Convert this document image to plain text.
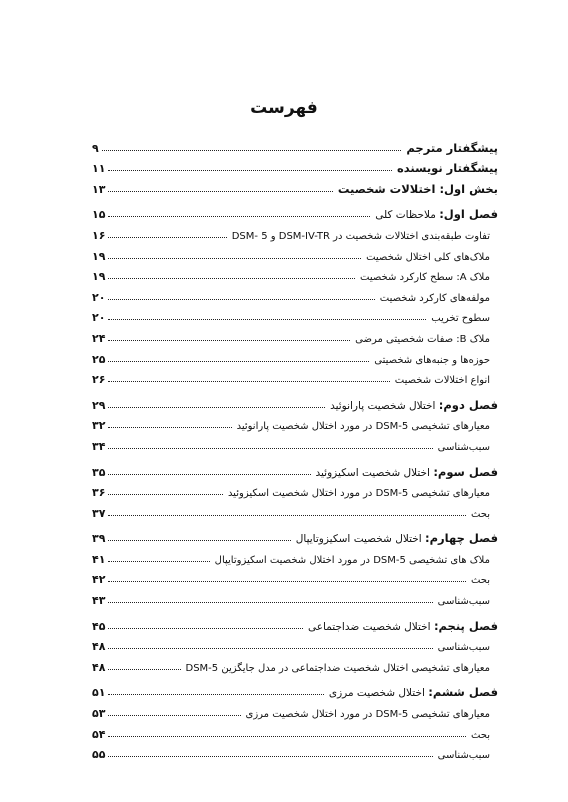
فهرست
پیشگفتار مترجم
۹
پیشگفتار نویسنده
۱۱
بخش اول: اختلالات شخصیت
۱۳
فصل اول: ملاحظات کلی
۱۵
تفاوت طبقه‌بندی اختلالات شخصیت در DSM-IV-TR و DSM- 5
۱۶
ملاک‌های کلی اختلال شخصیت
۱۹
ملاک A: سطح کارکرد شخصیت
۱۹
مولفه‌های کارکرد شخصیت
۲۰
سطوح تخریب
۲۰
ملاک B: صفات شخصیتی مرضی
۲۴
حوزه‌ها و جنبه‌های شخصیتی
۲۵
انواع اختلالات شخصیت
۲۶
فصل دوم: اختلال شخصیت پارانوئید
۲۹
معیارهای تشخیصی DSM-5 در مورد اختلال شخصیت پارانوئید
۳۲
سبب‌شناسی
۳۴
فصل سوم: اختلال شخصیت اسکیزوئید
۳۵
معیارهای تشخیصی DSM-5 در مورد اختلال شخصیت اسکیزوئید
۳۶
بحث
۳۷
فصل چهارم: اختلال شخصیت اسکیزوتایپال
۳۹
ملاک های تشخیصی DSM-5 در مورد اختلال شخصیت اسکیزوتایپال
۴۱
بحث
۴۲
سبب‌شناسی
۴۳
فصل پنجم: اختلال شخصیت ضداجتماعی
۴۵
سبب‌شناسی
۴۸
معیارهای تشخیصی اختلال شخصیت ضداجتماعی در مدل جایگزین DSM-5
۴۸
فصل ششم: اختلال شخصیت مرزی
۵۱
معیارهای تشخیصی DSM-5 در مورد اختلال شخصیت مرزی
۵۳
بحث
۵۴
سبب‌شناسی
۵۵
